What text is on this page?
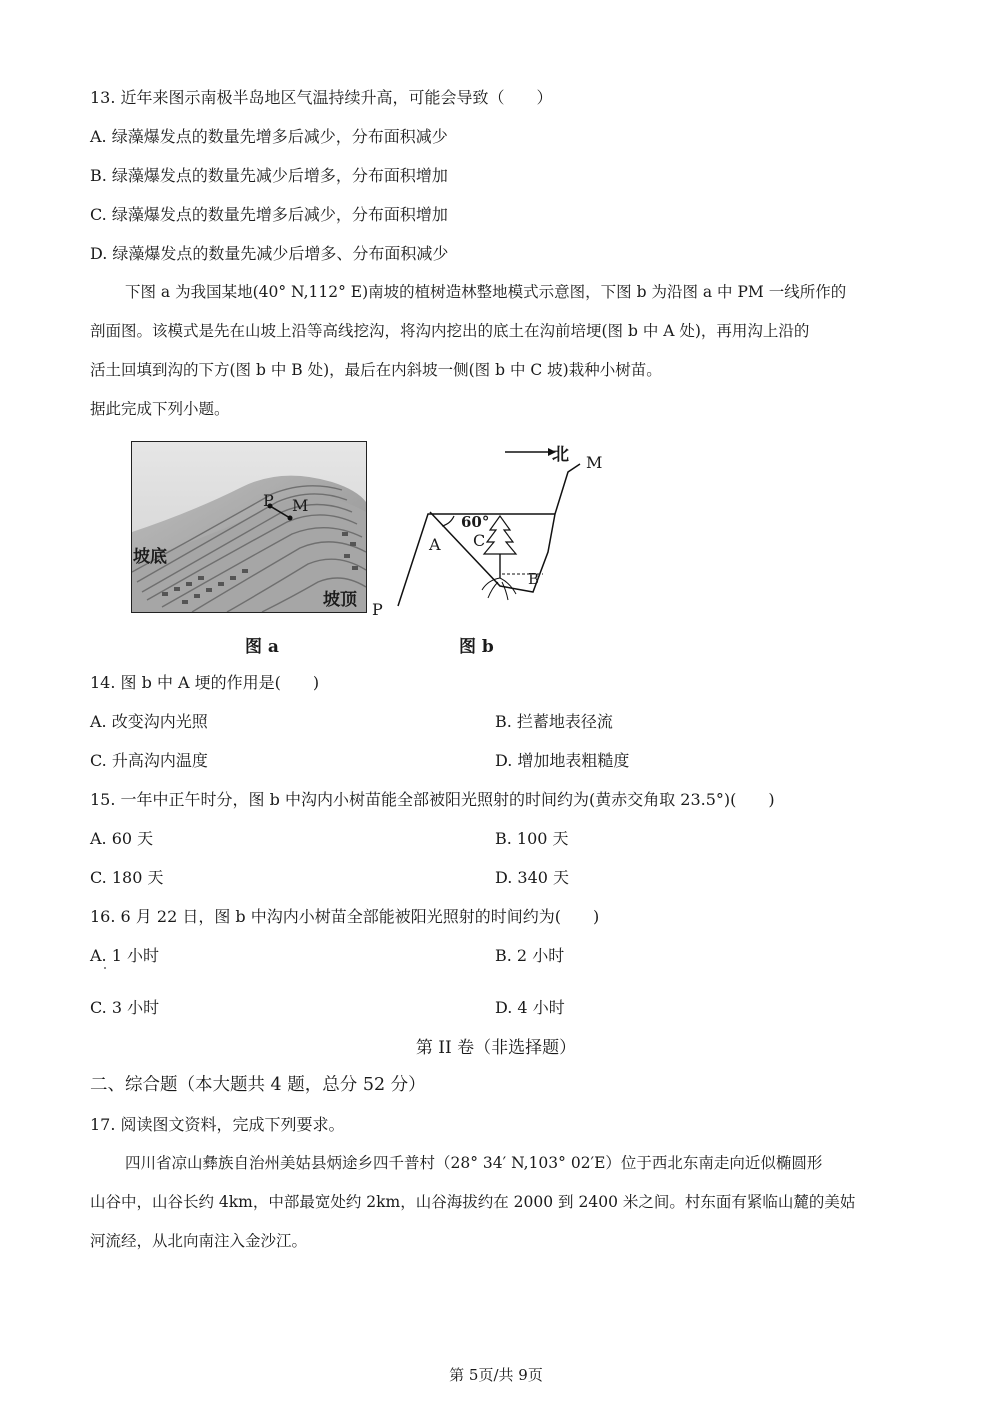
13. 近年来图示南极半岛地区气温持续升高，可能会导致（　　）
A. 绿藻爆发点的数量先增多后减少，分布面积减少
B. 绿藻爆发点的数量先减少后增多，分布面积增加
C. 绿藻爆发点的数量先增多后减少，分布面积增加
D. 绿藻爆发点的数量先减少后增多、分布面积减少
下图 a 为我国某地(40° N,112° E)南坡的植树造林整地模式示意图，下图 b 为沿图 a 中 PM 一线所作的
剖面图。该模式是先在山坡上沿等高线挖沟，将沟内挖出的底土在沟前培埂(图 b 中 A 处)，再用沟上沿的
活土回填到沟的下方(图 b 中 B 处)，最后在内斜坡一侧(图 b 中 C 坡)栽种小树苗。
据此完成下列小题。
P M
坡底
坡顶
图 a
北 M
60°
A C
B
P
图 b
14. 图 b 中 A 埂的作用是(　　)
A. 改变沟内光照	B. 拦蓄地表径流
C. 升高沟内温度	D. 增加地表粗糙度
15. 一年中正午时分，图 b 中沟内小树苗能全部被阳光照射的时间约为(黄赤交角取 23.5°)(　　)
A. 60 天	B. 100 天
C. 180 天	D. 340 天
16. 6 月 22 日，图 b 中沟内小树苗全部能被阳光照射的时间约为(　　)
A. 1 小时	B. 2 小时
C. 3 小时	D. 4 小时
第 II 卷（非选择题）
二、综合题（本大题共 4 题，总分 52 分）
17. 阅读图文资料，完成下列要求。
四川省凉山彝族自治州美姑县炳途乡四千普村（28° 34′ N,103° 02′E）位于西北东南走向近似椭圆形
山谷中，山谷长约 4km，中部最宽处约 2km，山谷海拔约在 2000 到 2400 米之间。村东面有紧临山麓的美姑
河流经，从北向南注入金沙江。
第 5页/共 9页
